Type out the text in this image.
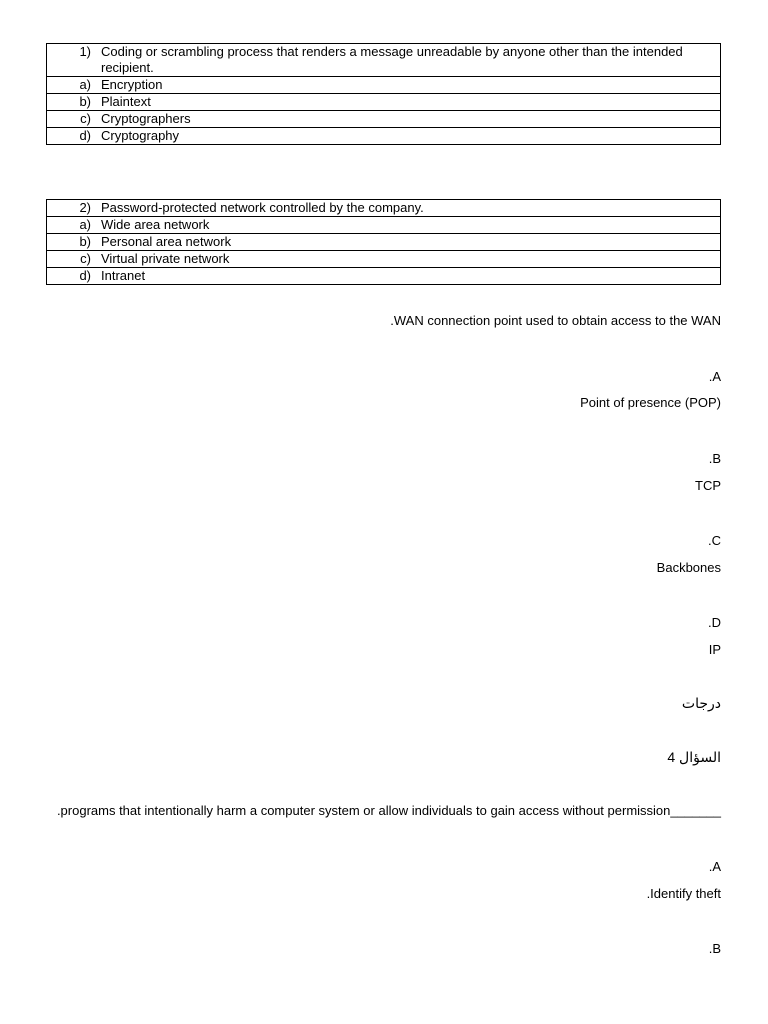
1)	Coding or scrambling process that renders a message unreadable by anyone other than the intended recipient.
a)	Encryption
b)	Plaintext
c)	Cryptographers
d)	Cryptography
2)	Password-protected network controlled by the company.
a)	Wide area network
b)	Personal area network
c)	Virtual private network
d)	Intranet
.WAN connection point used to obtain access to the WAN
.A
Point of presence (POP)
.B
TCP
.C
Backbones
.D
IP
درجات
السؤال 4
.programs that intentionally harm a computer system or allow individuals to gain access without permission_______
.A
.Identify theft
.B
